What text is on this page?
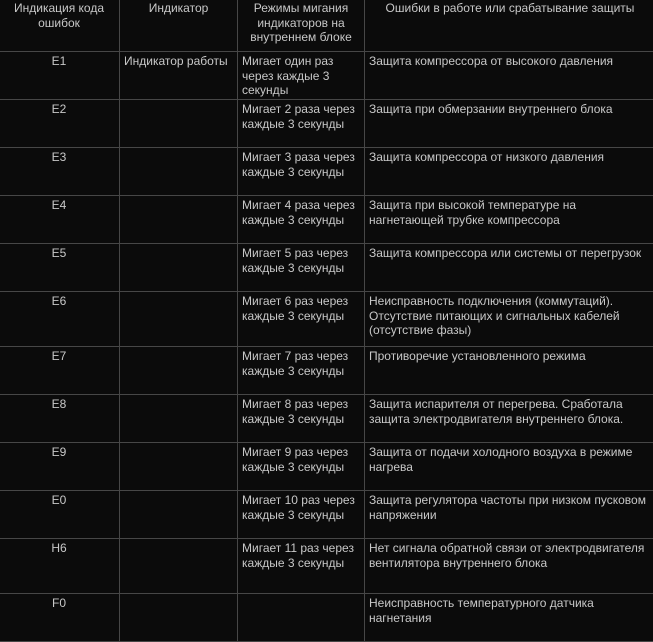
Индикация кода ошибок	Индикатор	Режимы мигания индикаторов на внутреннем блоке	Ошибки в работе или срабатывание защиты
E1	Индикатор работы	Мигает один раз через каждые 3 секунды	Защита компрессора от высокого давления
E2		Мигает 2 раза через каждые 3 секунды	Защита при обмерзании внутреннего блока
E3		Мигает 3 раза через каждые 3 секунды	Защита компрессора от низкого давления
E4		Мигает 4 раза через каждые 3 секунды	Защита при высокой температуре на нагнетающей трубке компрессора
E5		Мигает 5 раз через каждые 3 секунды	Защита компрессора или системы от перегрузок
E6		Мигает 6 раз через каждые 3 секунды	Неисправность подключения (коммутаций). Отсутствие питающих и сигнальных кабелей (отсутствие фазы)
E7		Мигает 7 раз через каждые 3 секунды	Противоречие установленного режима
E8		Мигает 8 раз через каждые 3 секунды	Защита испарителя от перегрева. Сработала защита электродвигателя внутреннего блока.
E9		Мигает 9 раз через каждые 3 секунды	Защита от подачи холодного воздуха в режиме нагрева
E0		Мигает 10 раз через каждые 3 секунды	Защита регулятора частоты при низком пусковом напряжении
H6		Мигает 11 раз через каждые 3 секунды	Нет сигнала обратной связи от электродвигателя вентилятора внутреннего блока
F0			Неисправность температурного датчика нагнетания
